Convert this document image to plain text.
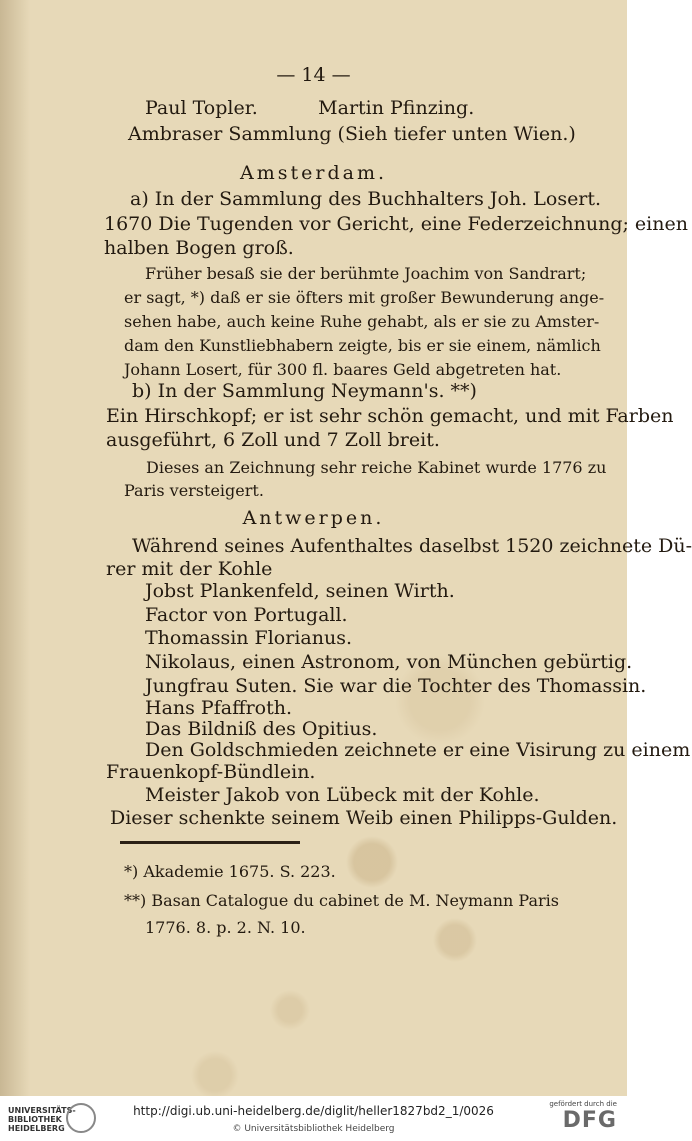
— 14 —
Paul Topler.          Martin Pfinzing.
Ambraser Sammlung (Sieh tiefer unten Wien.)
Amsterdam.
a) In der Sammlung des Buchhalters Joh. Losert.
1670 Die Tugenden vor Gericht, eine Federzeichnung; einen
halben Bogen groß.
Früher besaß sie der berühmte Joachim von Sandrart;
er sagt, *) daß er sie öfters mit großer Bewunderung ange-
sehen habe, auch keine Ruhe gehabt, als er sie zu Amster-
dam den Kunstliebhabern zeigte, bis er sie einem, nämlich
Johann Losert, für 300 fl. baares Geld abgetreten hat.
b) In der Sammlung Neymann's. **)
Ein Hirschkopf; er ist sehr schön gemacht, und mit Farben
ausgeführt, 6 Zoll und 7 Zoll breit.
Dieses an Zeichnung sehr reiche Kabinet wurde 1776 zu
Paris versteigert.
Antwerpen.
Während seines Aufenthaltes daselbst 1520 zeichnete Dü-
rer mit der Kohle
Jobst Plankenfeld, seinen Wirth.
Factor von Portugall.
Thomassin Florianus.
Nikolaus, einen Astronom, von München gebürtig.
Jungfrau Suten. Sie war die Tochter des Thomassin.
Hans Pfaffroth.
Das Bildniß des Opitius.
Den Goldschmieden zeichnete er eine Visirung zu einem
Frauenkopf-Bündlein.
Meister Jakob von Lübeck mit der Kohle.
Dieser schenkte seinem Weib einen Philipps-Gulden.
*) Akademie 1675. S. 223.
**) Basan Catalogue du cabinet de M. Neymann Paris
1776. 8. p. 2. N. 10.
UNIVERSITÄTS-
BIBLIOTHEK
HEIDELBERG
http://digi.ub.uni-heidelberg.de/diglit/heller1827bd2_1/0026
© Universitätsbibliothek Heidelberg
gefördert durch die
DFG
